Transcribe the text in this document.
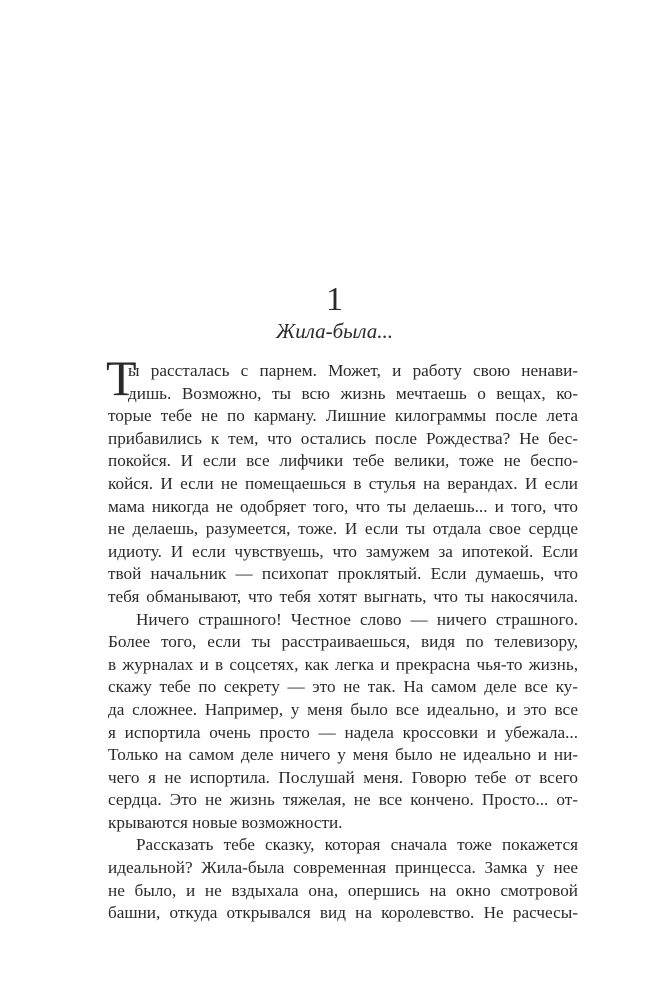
1
Жила-была...
Т
ы рассталась с парнем. Может, и работу свою ненави-
дишь. Возможно, ты всю жизнь мечтаешь о вещах, ко-
торые тебе не по карману. Лишние килограммы после лета
прибавились к тем, что остались после Рождества? Не бес-
покойся. И если все лифчики тебе велики, тоже не беспо-
койся. И если не помещаешься в стулья на верандах. И если
мама никогда не одобряет того, что ты делаешь... и того, что
не делаешь, разумеется, тоже. И если ты отдала свое сердце
идиоту. И если чувствуешь, что замужем за ипотекой. Если
твой начальник — психопат проклятый. Если думаешь, что
тебя обманывают, что тебя хотят выгнать, что ты накосячила.
Ничего страшного! Честное слово — ничего страшного.
Более того, если ты расстраиваешься, видя по телевизору,
в журналах и в соцсетях, как легка и прекрасна чья-то жизнь,
скажу тебе по секрету — это не так. На самом деле все ку-
да сложнее. Например, у меня было все идеально, и это все
я испортила очень просто — надела кроссовки и убежала...
Только на самом деле ничего у меня было не идеально и ни-
чего я не испортила. Послушай меня. Говорю тебе от всего
сердца. Это не жизнь тяжелая, не все кончено. Просто... от-
крываются новые возможности.
Рассказать тебе сказку, которая сначала тоже покажется
идеальной? Жила-была современная принцесса. Замка у нее
не было, и не вздыхала она, опершись на окно смотровой
башни, откуда открывался вид на королевство. Не расчесы-
